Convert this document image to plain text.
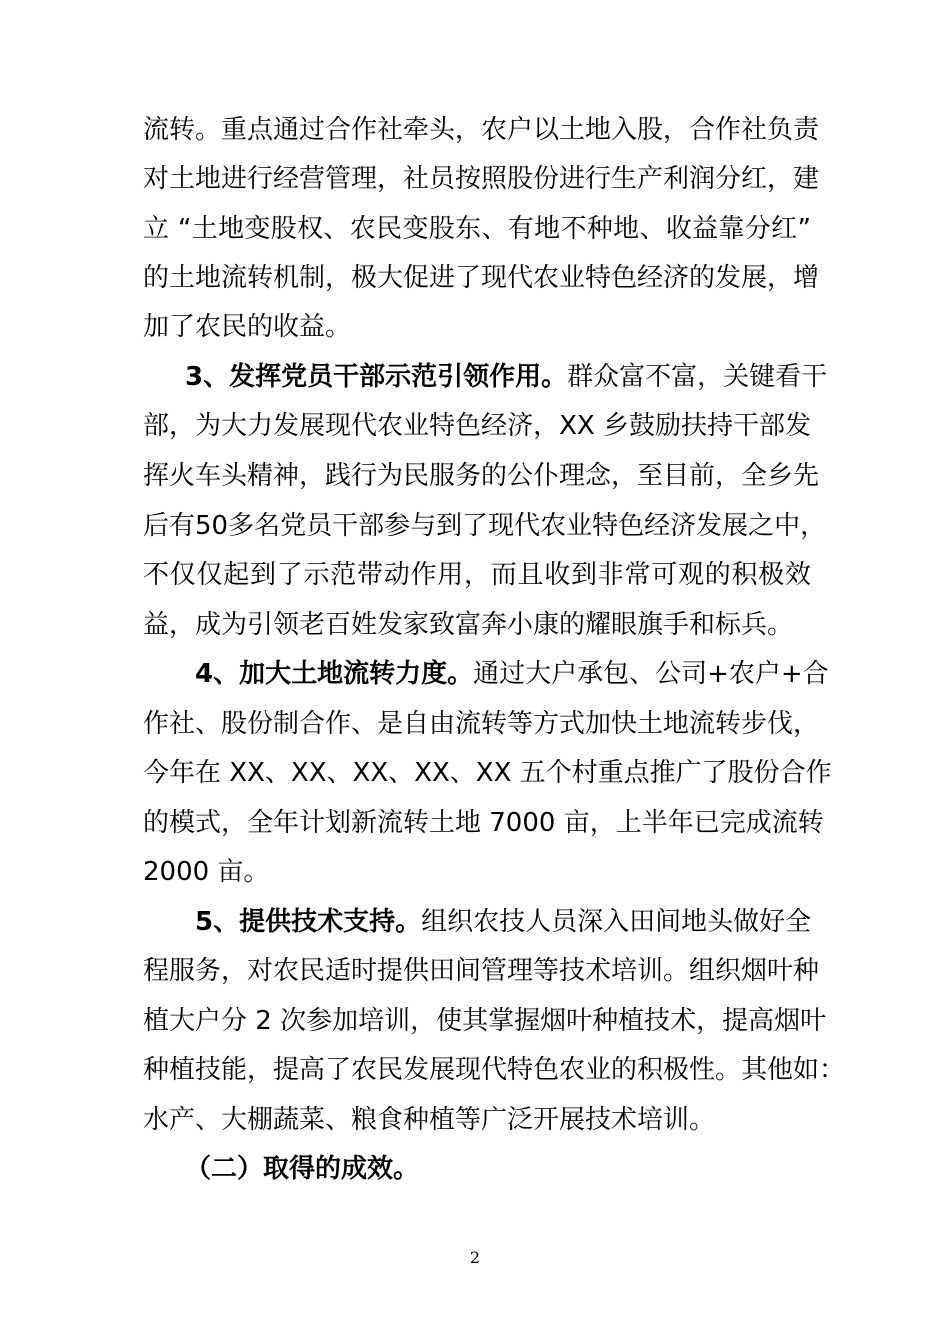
流转。重点通过合作社牵头，农户以土地入股，合作社负责
对土地进行经营管理，社员按照股份进行生产利润分红，建
立 “土地变股权、农民变股东、有地不种地、收益靠分红”
的土地流转机制，极大促进了现代农业特色经济的发展，增
加了农民的收益。
3、发挥党员干部示范引领作用。群众富不富，关键看干
部，为大力发展现代农业特色经济，XX 乡鼓励扶持干部发
挥火车头精神，践行为民服务的公仆理念，至目前，全乡先
后有50多名党员干部参与到了现代农业特色经济发展之中，
不仅仅起到了示范带动作用，而且收到非常可观的积极效
益，成为引领老百姓发家致富奔小康的耀眼旗手和标兵。
4、加大土地流转力度。通过大户承包、公司+农户+合
作社、股份制合作、是自由流转等方式加快土地流转步伐，
今年在 XX、XX、XX、XX、XX 五个村重点推广了股份合作
的模式，全年计划新流转土地 7000 亩，上半年已完成流转
2000 亩。
5、提供技术支持。组织农技人员深入田间地头做好全
程服务，对农民适时提供田间管理等技术培训。组织烟叶种
植大户分 2 次参加培训，使其掌握烟叶种植技术，提高烟叶
种植技能，提高了农民发展现代特色农业的积极性。其他如：
水产、大棚蔬菜、粮食种植等广泛开展技术培训。
（二）取得的成效。
2
